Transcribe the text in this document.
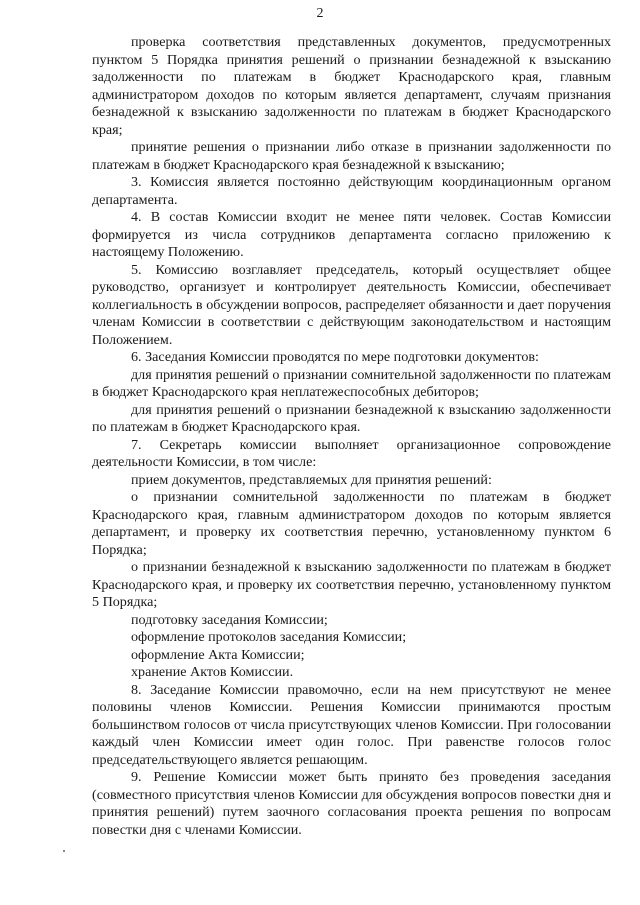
2

проверка соответствия представленных документов, предусмотренных пунктом 5 Порядка принятия решений о признании безнадежной к взысканию задолженности по платежам в бюджет Краснодарского края, главным администратором доходов по которым является департамент, случаям признания безнадежной к взысканию задолженности по платежам в бюджет Краснодарского края;

принятие решения о признании либо отказе в признании задолженности по платежам в бюджет Краснодарского края безнадежной к взысканию;

3. Комиссия является постоянно действующим координационным органом департамента.

4. В состав Комиссии входит не менее пяти человек. Состав Комиссии формируется из числа сотрудников департамента согласно приложению к настоящему Положению.

5. Комиссию возглавляет председатель, который осуществляет общее руководство, организует и контролирует деятельность Комиссии, обеспечивает коллегиальность в обсуждении вопросов, распределяет обязанности и дает поручения членам Комиссии в соответствии с действующим законодательством и настоящим Положением.

6. Заседания Комиссии проводятся по мере подготовки документов:

для принятия решений о признании сомнительной задолженности по платежам в бюджет Краснодарского края неплатежеспособных дебиторов;

для принятия решений о признании безнадежной к взысканию задолженности по платежам в бюджет Краснодарского края.

7. Секретарь комиссии выполняет организационное сопровождение деятельности Комиссии, в том числе:

прием документов, представляемых для принятия решений:

о признании сомнительной задолженности по платежам в бюджет Краснодарского края, главным администратором доходов по которым является департамент, и проверку их соответствия перечню, установленному пунктом 6 Порядка;

о признании безнадежной к взысканию задолженности по платежам в бюджет Краснодарского края, и проверку их соответствия перечню, установленному пунктом 5 Порядка;

подготовку заседания Комиссии;

оформление протоколов заседания Комиссии;

оформление Акта Комиссии;

хранение Актов Комиссии.

8. Заседание Комиссии правомочно, если на нем присутствуют не менее половины членов Комиссии. Решения Комиссии принимаются простым большинством голосов от числа присутствующих членов Комиссии. При голосовании каждый член Комиссии имеет один голос. При равенстве голосов голос председательствующего является решающим.

9. Решение Комиссии может быть принято без проведения заседания (совместного присутствия членов Комиссии для обсуждения вопросов повестки дня и принятия решений) путем заочного согласования проекта решения по вопросам повестки дня с членами Комиссии.
